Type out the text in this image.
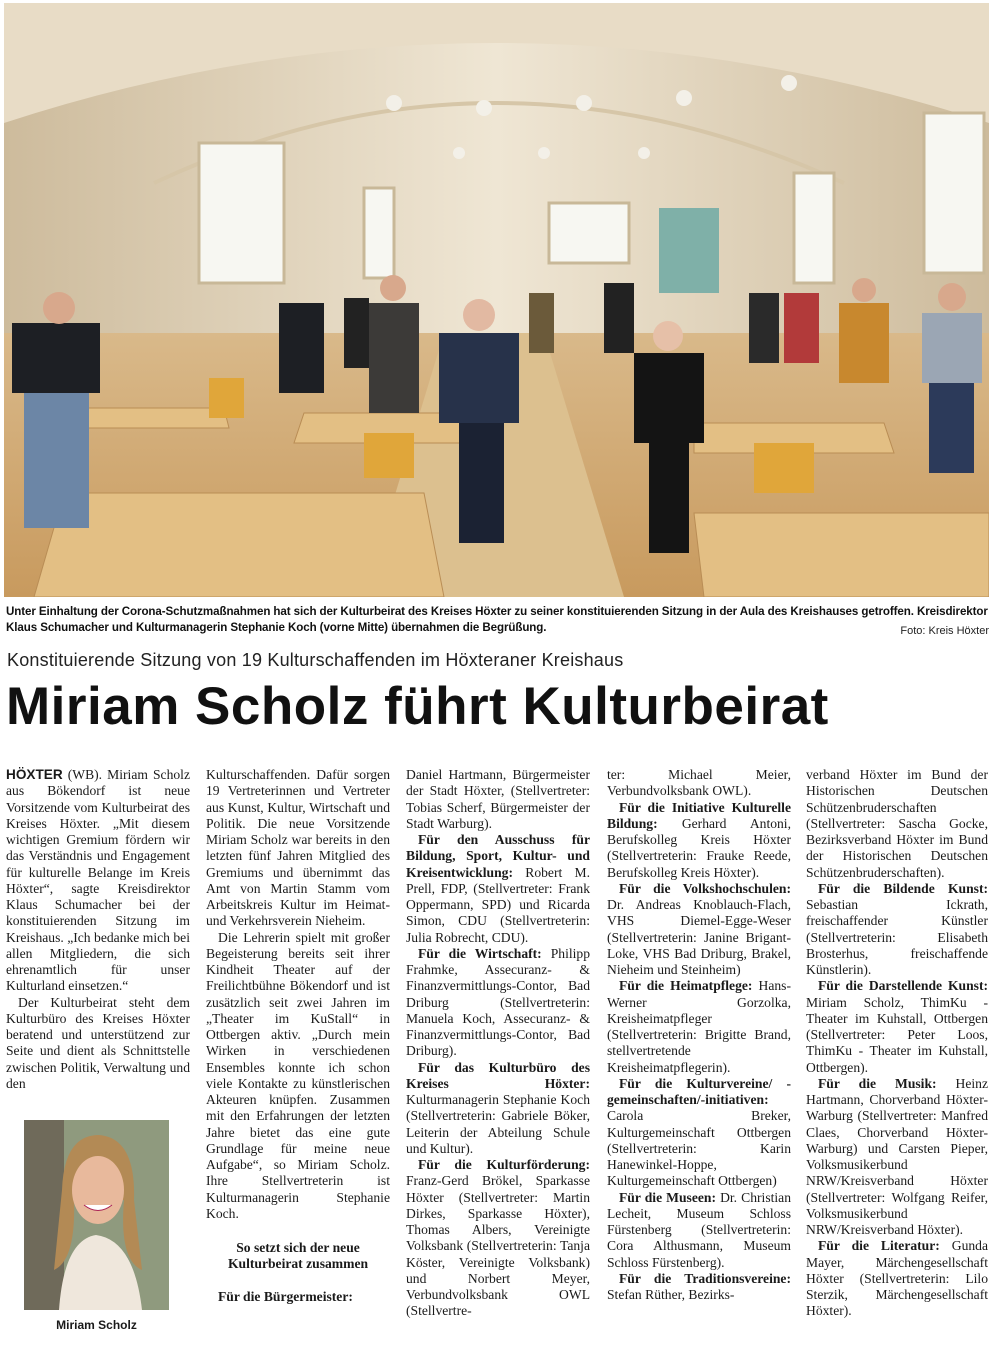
Unter Einhaltung der Corona-Schutzmaßnahmen hat sich der Kulturbeirat des Kreises Höxter zu seiner konstituierenden Sitzung in der Aula des Kreishauses getroffen. Kreisdirektor Klaus Schumacher und Kulturmanagerin Stephanie Koch (vorne Mitte) übernahmen die Begrüßung.	Foto: Kreis Höxter
Konstituierende Sitzung von 19 Kulturschaffenden im Höxteraner Kreishaus
Miriam Scholz führt Kulturbeirat

HÖXTER (WB). Miriam Scholz aus Bökendorf ist neue Vorsitzende vom Kulturbeirat des Kreises Höxter. „Mit diesem wichtigen Gremium fördern wir das Verständnis und Engagement für kulturelle Belange im Kreis Höxter“, sagte Kreisdirektor Klaus Schumacher bei der konstituierenden Sitzung im Kreishaus. „Ich bedanke mich bei allen Mitgliedern, die sich ehrenamtlich für unser Kulturland einsetzen.“

Der Kulturbeirat steht dem Kulturbüro des Kreises Höxter beratend und unterstützend zur Seite und dient als Schnittstelle zwischen Politik, Verwaltung und den

Miriam Scholz

Kulturschaffenden. Dafür sorgen 19 Vertreterinnen und Vertreter aus Kunst, Kultur, Wirtschaft und Politik. Die neue Vorsitzende Miriam Scholz war bereits in den letzten fünf Jahren Mitglied des Gremiums und übernimmt das Amt von Martin Stamm vom Arbeitskreis Kultur im Heimat- und Verkehrsverein Nieheim.

Die Lehrerin spielt mit großer Begeisterung bereits seit ihrer Kindheit Theater auf der Freilichtbühne Bökendorf und ist zusätzlich seit zwei Jahren im „Theater im KuStall“ in Ottbergen aktiv. „Durch mein Wirken in verschiedenen Ensembles konnte ich schon viele Kontakte zu künstlerischen Akteuren knüpfen. Zusammen mit den Erfahrungen der letzten Jahre bietet das eine gute Grundlage für meine neue Aufgabe“, so Miriam Scholz. Ihre Stellvertreterin ist Kulturmanagerin Stephanie Koch.

So setzt sich der neue Kulturbeirat zusammen

Für die Bürgermeister:

Daniel Hartmann, Bürgermeister der Stadt Höxter, (Stellvertreter: Tobias Scherf, Bürgermeister der Stadt Warburg).

Für den Ausschuss für Bildung, Sport, Kultur- und Kreisentwicklung: Robert M. Prell, FDP, (Stellvertreter: Frank Oppermann, SPD) und Ricarda Simon, CDU (Stellvertreterin: Julia Robrecht, CDU).

Für die Wirtschaft: Philipp Frahmke, Assecuranz- & Finanzvermittlungs-Contor, Bad Driburg (Stellvertreterin: Manuela Koch, Assecuranz- & Finanzvermittlungs-Contor, Bad Driburg).

Für das Kulturbüro des Kreises Höxter: Kulturmanagerin Stephanie Koch (Stellvertreterin: Gabriele Böker, Leiterin der Abteilung Schule und Kultur).

Für die Kulturförderung: Franz-Gerd Brökel, Sparkasse Höxter (Stellvertreter: Martin Dirkes, Sparkasse Höxter), Thomas Albers, Vereinigte Volksbank (Stellvertreterin: Tanja Köster, Vereinigte Volksbank) und Norbert Meyer, Verbundvolksbank OWL (Stellvertre-

ter: Michael Meier, Verbundvolksbank OWL).

Für die Initiative Kulturelle Bildung: Gerhard Antoni, Berufskolleg Kreis Höxter (Stellvertreterin: Frauke Reede, Berufskolleg Kreis Höxter).

Für die Volkshochschulen: Dr. Andreas Knoblauch-Flach, VHS Diemel-Egge-Weser (Stellvertreterin: Janine Brigant-Loke, VHS Bad Driburg, Brakel, Nieheim und Steinheim)

Für die Heimatpflege: Hans-Werner Gorzolka, Kreisheimatpfleger (Stellvertreterin: Brigitte Brand, stellvertretende Kreisheimatpflegerin).

Für die Kulturvereine/ -gemeinschaften/-initiativen: Carola Breker, Kulturgemeinschaft Ottbergen (Stellvertreterin: Karin Hanewinkel-Hoppe, Kulturgemeinschaft Ottbergen)

Für die Museen: Dr. Christian Lecheit, Museum Schloss Fürstenberg (Stellvertreterin: Cora Althusmann, Museum Schloss Fürstenberg).

Für die Traditionsvereine: Stefan Rüther, Bezirks-

verband Höxter im Bund der Historischen Deutschen Schützenbruderschaften (Stellvertreter: Sascha Gocke, Bezirksverband Höxter im Bund der Historischen Deutschen Schützenbruderschaften).

Für die Bildende Kunst: Sebastian Ickrath, freischaffender Künstler (Stellvertreterin: Elisabeth Brosterhus, freischaffende Künstlerin).

Für die Darstellende Kunst: Miriam Scholz, ThimKu - Theater im Kuhstall, Ottbergen (Stellvertreter: Peter Loos, ThimKu - Theater im Kuhstall, Ottbergen).

Für die Musik: Heinz Hartmann, Chorverband Höxter-Warburg (Stellvertreter: Manfred Claes, Chorverband Höxter-Warburg) und Carsten Pieper, Volksmusikerbund NRW/Kreisverband Höxter (Stellvertreter: Wolfgang Reifer, Volksmusikerbund NRW/Kreisverband Höxter).

Für die Literatur: Gunda Mayer, Märchengesellschaft Höxter (Stellvertreterin: Lilo Sterzik, Märchengesellschaft Höxter).
